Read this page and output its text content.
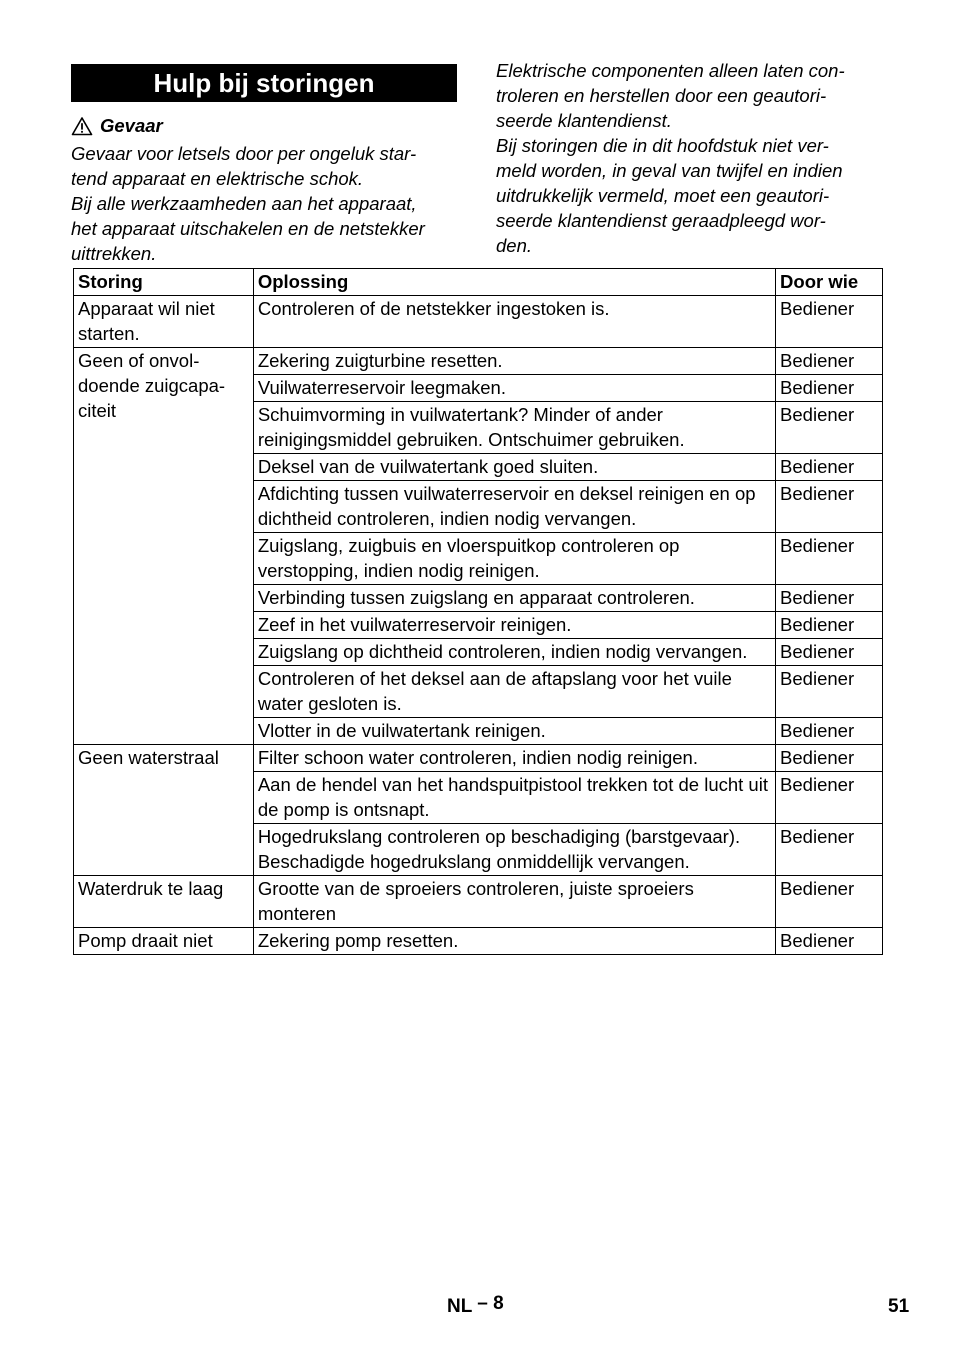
Hulp bij storingen
Gevaar

Gevaar voor letsels door per ongeluk star-

tend apparaat en elektrische schok.

Bij alle werkzaamheden aan het apparaat,

het apparaat uitschakelen en de netstekker

uittrekken.

Elektrische componenten alleen laten con-

troleren en herstellen door een geautori-

seerde klantendienst.

Bij storingen die in dit hoofdstuk niet ver-

meld worden, in geval van twijfel en indien

uitdrukkelijk vermeld, moet een geautori-

seerde klantendienst geraadpleegd wor-

den.

Storing	Oplossing	Door wie
Apparaat wil niet starten.	Controleren of de netstekker ingestoken is.	Bediener
Geen of onvol-
doende zuigcapa-
citeit	Zekering zuigturbine resetten.	Bediener
	Vuilwaterreservoir leegmaken.	Bediener
	Schuimvorming in vuilwatertank? Minder of ander reinigingsmiddel gebruiken. Ontschuimer gebruiken.	Bediener
	Deksel van de vuilwatertank goed sluiten.	Bediener
	Afdichting tussen vuilwaterreservoir en deksel reinigen en op dichtheid controleren, indien nodig vervangen.	Bediener
	Zuigslang, zuigbuis en vloerspuitkop controleren op verstopping, indien nodig reinigen.	Bediener
	Verbinding tussen zuigslang en apparaat controleren.	Bediener
	Zeef in het vuilwaterreservoir reinigen.	Bediener
	Zuigslang op dichtheid controleren, indien nodig vervangen.	Bediener
	Controleren of het deksel aan de aftapslang voor het vuile water gesloten is.	Bediener
	Vlotter in de vuilwatertank reinigen.	Bediener
Geen waterstraal	Filter schoon water controleren, indien nodig reinigen.	Bediener
	Aan de hendel van het handspuitpistool trekken tot de lucht uit de pomp is ontsnapt.	Bediener
	Hogedrukslang controleren op beschadiging (barstgevaar). Beschadigde hogedrukslang onmiddellijk vervangen.	Bediener
Waterdruk te laag	Grootte van de sproeiers controleren, juiste sproeiers monteren	Bediener
Pomp draait niet	Zekering pomp resetten.	Bediener
NL – 8	51
